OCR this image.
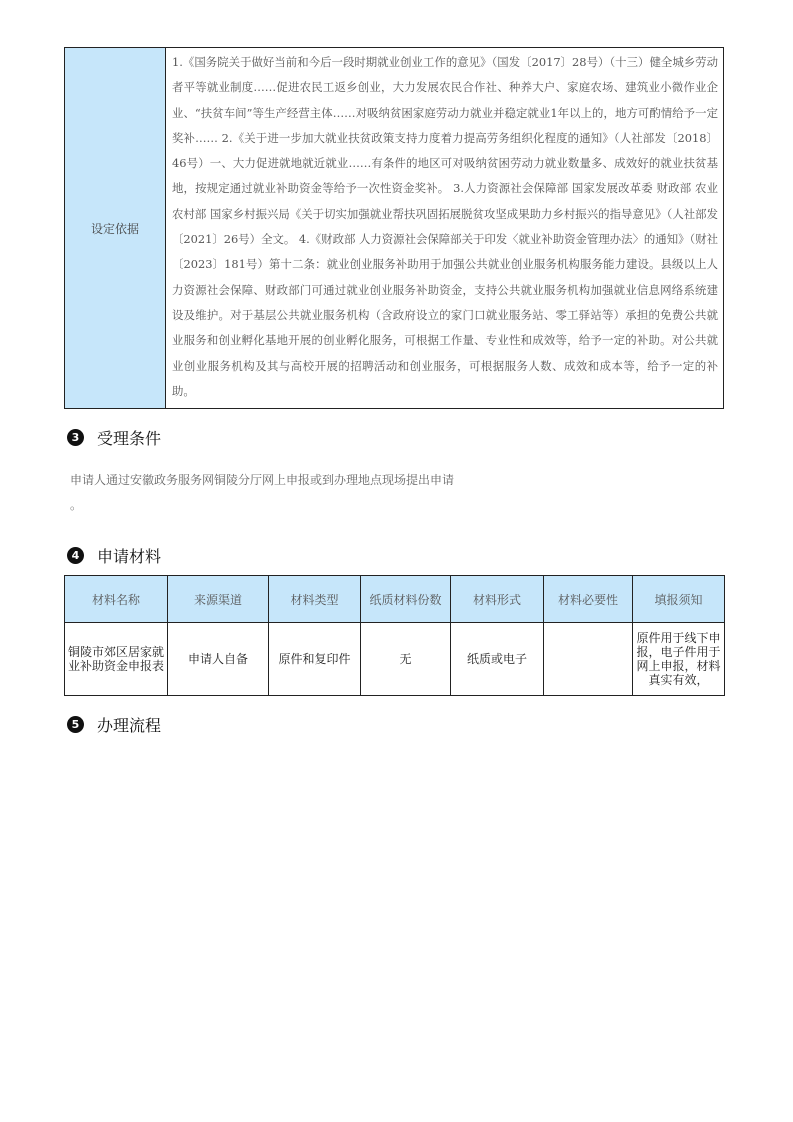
设定依据	1.《国务院关于做好当前和今后一段时期就业创业工作的意见》（国发〔2017〕28号）（十三）健全城乡劳动者平等就业制度……促进农民工返乡创业，大力发展农民合作社、种养大户、家庭农场、建筑业小微作业企业、“扶贫车间”等生产经营主体……对吸纳贫困家庭劳动力就业并稳定就业1年以上的，地方可酌情给予一定奖补…… 2.《关于进一步加大就业扶贫政策支持力度着力提高劳务组织化程度的通知》（人社部发〔2018〕46号）一、大力促进就地就近就业……有条件的地区可对吸纳贫困劳动力就业数量多、成效好的就业扶贫基地，按规定通过就业补助资金等给予一次性资金奖补。 3.人力资源社会保障部 国家发展改革委 财政部 农业农村部 国家乡村振兴局《关于切实加强就业帮扶巩固拓展脱贫攻坚成果助力乡村振兴的指导意见》（人社部发〔2021〕26号）全文。 4.《财政部 人力资源社会保障部关于印发〈就业补助资金管理办法〉的通知》（财社〔2023〕181号）第十二条：就业创业服务补助用于加强公共就业创业服务机构服务能力建设。县级以上人力资源社会保障、财政部门可通过就业创业服务补助资金，支持公共就业服务机构加强就业信息网络系统建设及维护。对于基层公共就业服务机构（含政府设立的家门口就业服务站、零工驿站等）承担的免费公共就业服务和创业孵化基地开展的创业孵化服务，可根据工作量、专业性和成效等，给予一定的补助。对公共就业创业服务机构及其与高校开展的招聘活动和创业服务，可根据服务人数、成效和成本等，给予一定的补助。
3 受理条件
申请人通过安徽政务服务网铜陵分厅网上申报或到办理地点现场提出申请
。
4 申请材料
材料名称	来源渠道	材料类型	纸质材料份数	材料形式	材料必要性	填报须知
铜陵市郊区居家就业补助资金申报表	申请人自备	原件和复印件	无	纸质或电子		原件用于线下申报，电子件用于网上申报，材料真实有效，
5 办理流程
